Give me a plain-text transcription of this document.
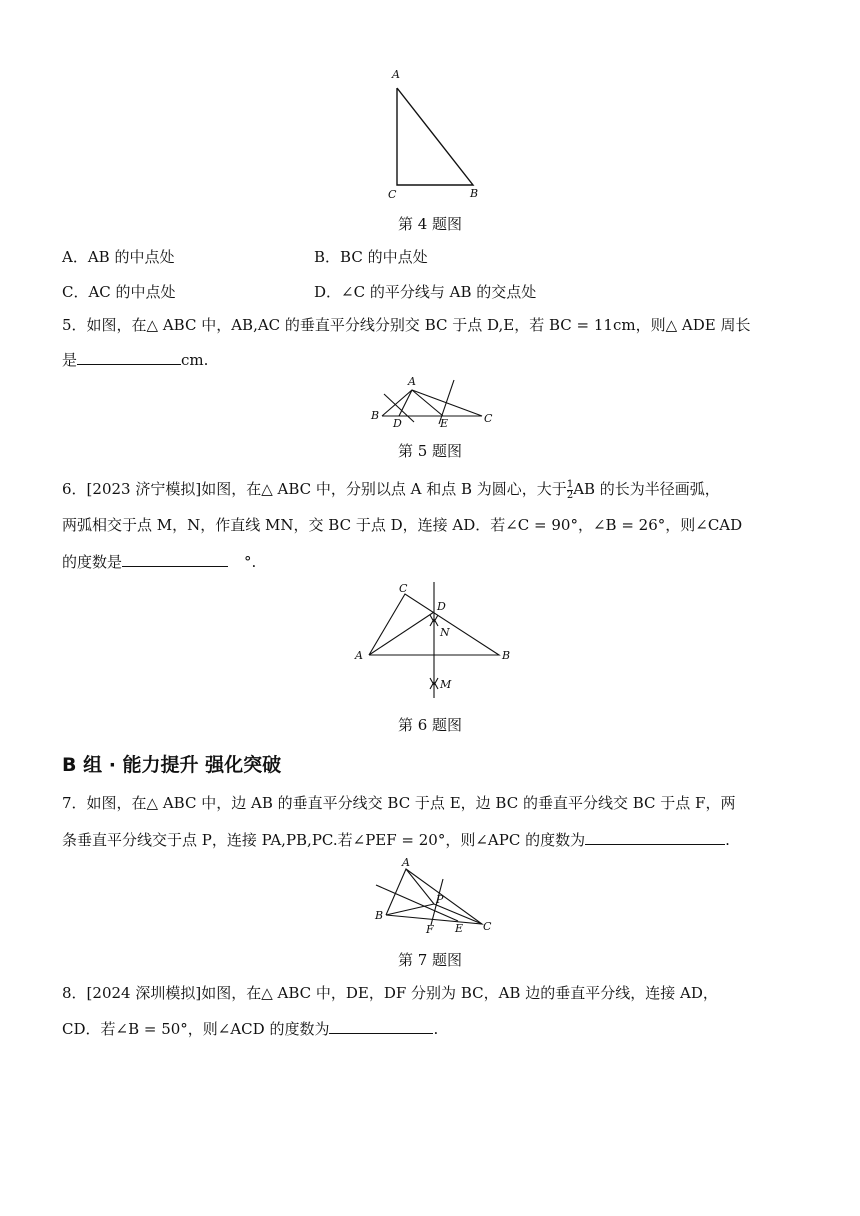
A
C	B
第 4 题图
A．AB 的中点处	B．BC 的中点处
C．AC 的中点处	D．∠C 的平分线与 AB 的交点处
5．如图，在△ ABC 中，AB,AC 的垂直平分线分别交 BC 于点 D,E，若 BC = 11cm，则△ ADE 周长
是	cm.
A
B	C
D	E
第 5 题图
6．[2023 济宁模拟]如图，在△ ABC 中，分别以点 A 和点 B 为圆心，大于 $\frac{1}{2}$ AB 的长为半径画弧，
两弧相交于点 M，N，作直线 MN，交 BC 于点 D，连接 AD．若∠C = 90°，∠B = 26°，则∠CAD
的度数是	°.
C
D
N
A	B
M
第 6 题图
B 组 · 能力提升 强化突破
7．如图，在△ ABC 中，边 AB 的垂直平分线交 BC 于点 E，边 BC 的垂直平分线交 BC 于点 F，两
条垂直平分线交于点 P，连接 PA,PB,PC.若∠PEF = 20°，则∠APC 的度数为	.
A
P
B
C
F E
第 7 题图
8．[2024 深圳模拟]如图，在△ ABC 中，DE，DF 分别为 BC，AB 边的垂直平分线，连接 AD，
CD．若∠B = 50°，则∠ACD 的度数为	.
